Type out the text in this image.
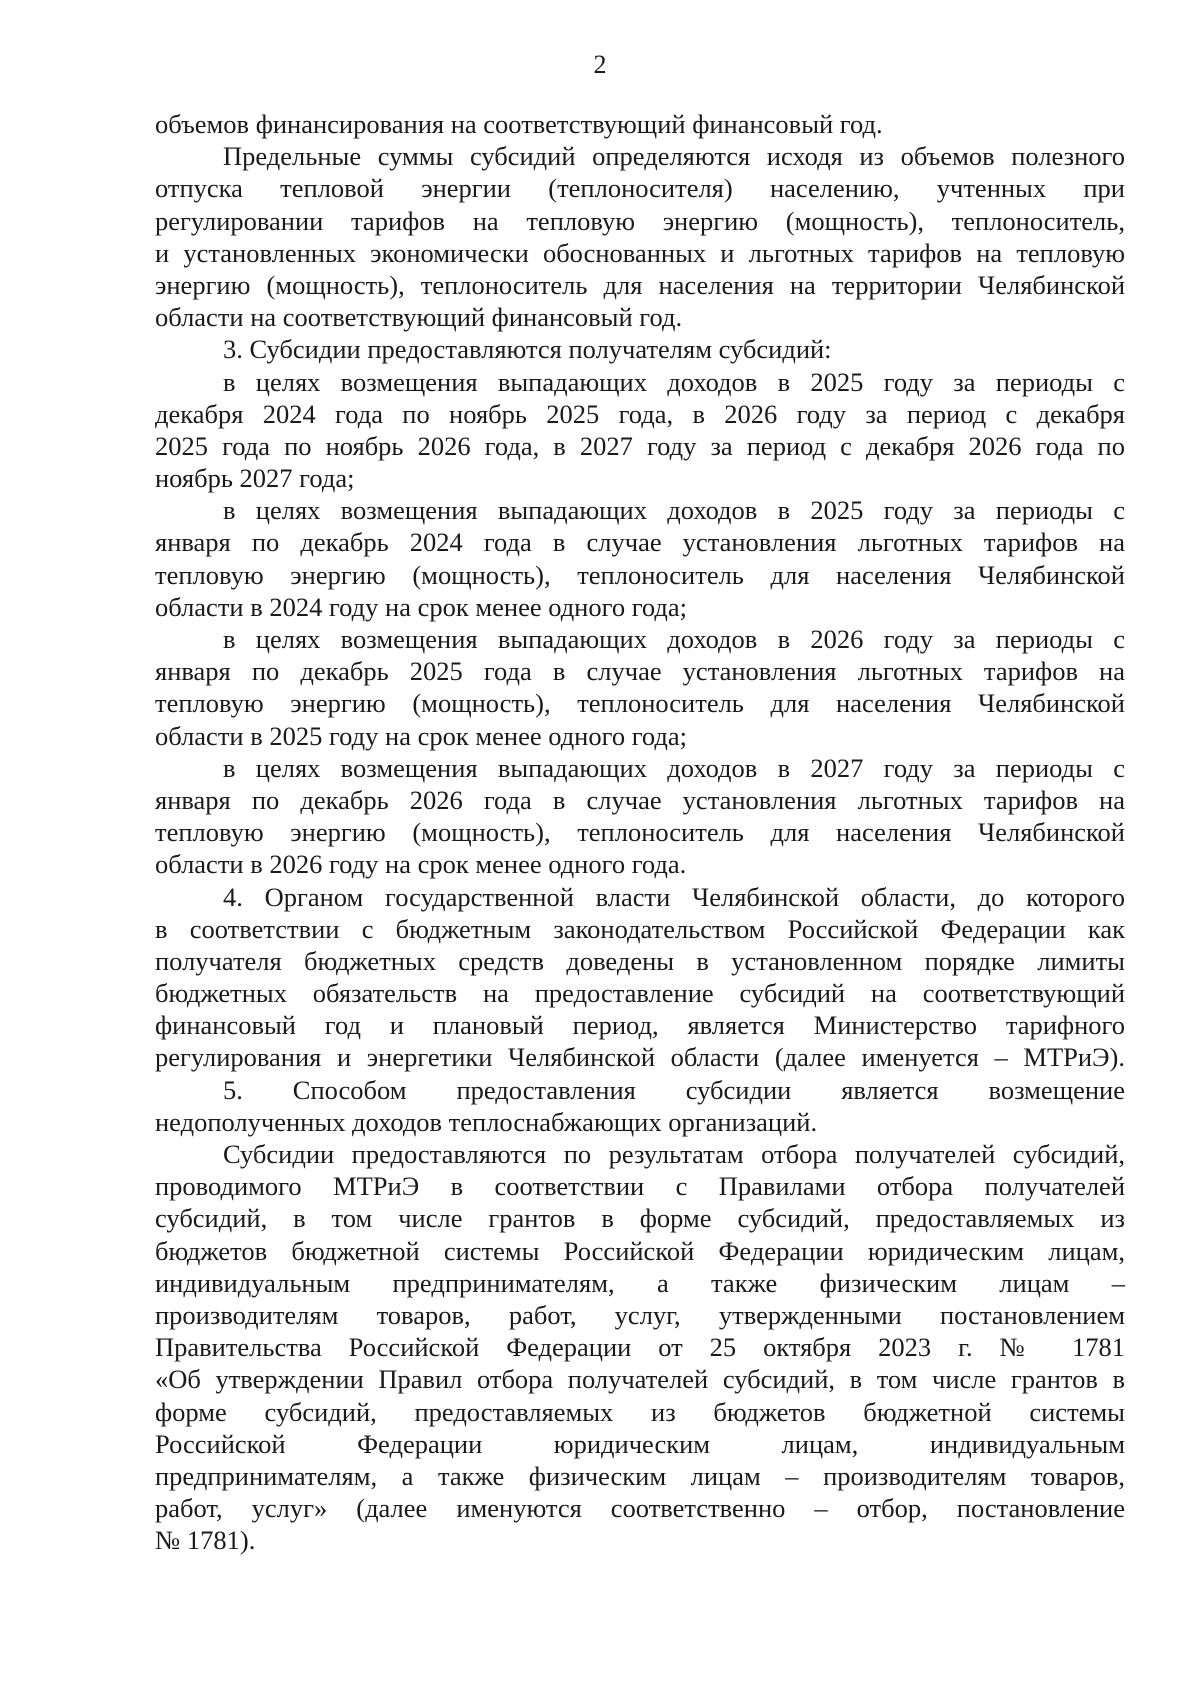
2
объемов финансирования на соответствующий финансовый год.
Предельные суммы субсидий определяются исходя из объемов полезного
отпуска тепловой энергии (теплоносителя) населению, учтенных при
регулировании тарифов на тепловую энергию (мощность), теплоноситель,
и установленных экономически обоснованных и льготных тарифов на тепловую
энергию (мощность), теплоноситель для населения на территории Челябинской
области на соответствующий финансовый год.
3. Субсидии предоставляются получателям субсидий:
в целях возмещения выпадающих доходов в 2025 году за периоды с
декабря 2024 года по ноябрь 2025 года, в 2026 году за период с декабря
2025 года по ноябрь 2026 года, в 2027 году за период с декабря 2026 года по
ноябрь 2027 года;
в целях возмещения выпадающих доходов в 2025 году за периоды с
января по декабрь 2024 года в случае установления льготных тарифов на
тепловую энергию (мощность), теплоноситель для населения Челябинской
области в 2024 году на срок менее одного года;
в целях возмещения выпадающих доходов в 2026 году за периоды с
января по декабрь 2025 года в случае установления льготных тарифов на
тепловую энергию (мощность), теплоноситель для населения Челябинской
области в 2025 году на срок менее одного года;
в целях возмещения выпадающих доходов в 2027 году за периоды с
января по декабрь 2026 года в случае установления льготных тарифов на
тепловую энергию (мощность), теплоноситель для населения Челябинской
области в 2026 году на срок менее одного года.
4. Органом государственной власти Челябинской области, до которого
в соответствии с бюджетным законодательством Российской Федерации как
получателя бюджетных средств доведены в установленном порядке лимиты
бюджетных обязательств на предоставление субсидий на соответствующий
финансовый год и плановый период, является Министерство тарифного
регулирования и энергетики Челябинской области (далее именуется – МТРиЭ).
5. Способом предоставления субсидии является возмещение
недополученных доходов теплоснабжающих организаций.
Субсидии предоставляются по результатам отбора получателей субсидий,
проводимого МТРиЭ в соответствии с Правилами отбора получателей
субсидий, в том числе грантов в форме субсидий, предоставляемых из
бюджетов бюджетной системы Российской Федерации юридическим лицам,
индивидуальным предпринимателям, а также физическим лицам –
производителям товаров, работ, услуг, утвержденными постановлением
Правительства Российской Федерации от 25 октября 2023 г. № 1781
«Об утверждении Правил отбора получателей субсидий, в том числе грантов в
форме субсидий, предоставляемых из бюджетов бюджетной системы
Российской Федерации юридическим лицам, индивидуальным
предпринимателям, а также физическим лицам – производителям товаров,
работ, услуг» (далее именуются соответственно – отбор, постановление
№ 1781).
